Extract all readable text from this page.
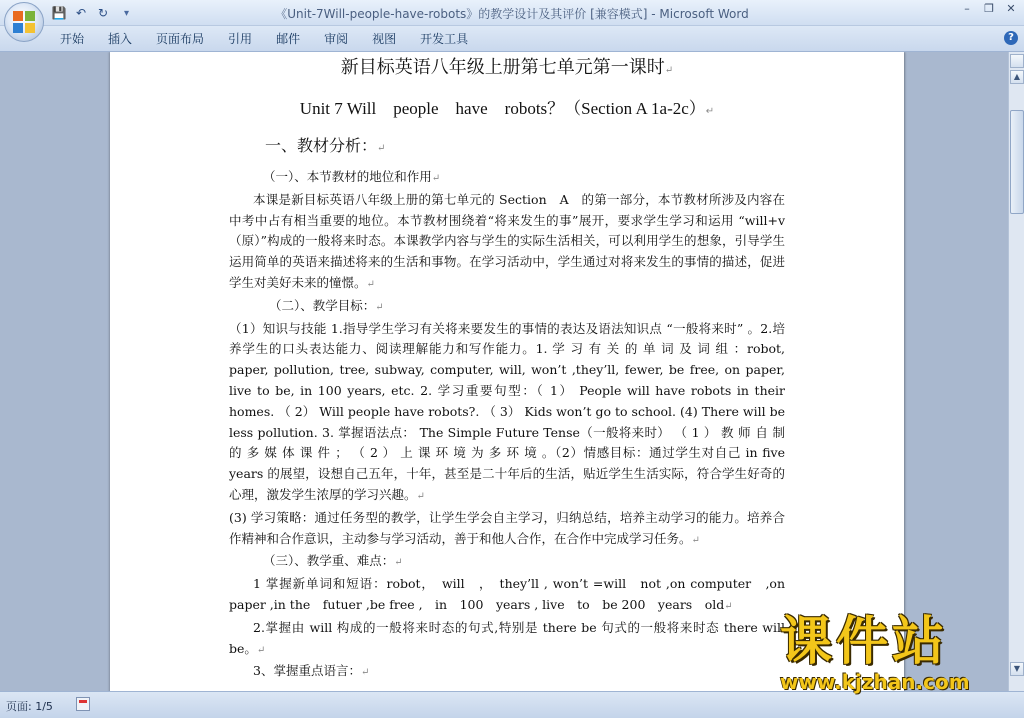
💾 ↶ ↻	▾	《Unit-7Will-people-have-robots》的教学设计及其评价 [兼容模式] - Microsoft Word	–	❐ ✕
开始	插入	页面布局	引用	邮件	审阅	视图	开发工具	?
新目标英语八年级上册第七单元第一课时↵
Unit 7 Will　people　have　robots？（Section A 1a-2c）↵
一、教材分析：↵
（一）、本节教材的地位和作用↵
本课是新目标英语八年级上册的第七单元的 Section　A　的第一部分，本节教材所涉及内容在中考中占有相当重要的地位。本节教材围绕着“将来发生的事”展开，要求学生学习和运用 “will+v（原）”构成的一般将来时态。本课教学内容与学生的实际生活相关，可以利用学生的想象，引导学生运用简单的英语来描述将来的生活和事物。在学习活动中，学生通过对将来发生的事情的描述，促进学生对美好未来的憧憬。↵
（二）、教学目标：↵
（1）知识与技能 1.指导学生学习有关将来要发生的事情的表达及语法知识点 “一般将来时” 。2.培养学生的口头表达能力、阅读理解能力和写作能力。1. 学 习 有 关 的 单 词 及 词 组 ：robot, paper, pollution, tree, subway, computer, will, won’t ,they’ll, fewer, be free, on paper, live to be, in 100 years, etc. 2. 学习重要句型：（ 1） People will have robots in their homes. （ 2） Will people have robots?. （ 3） Kids won’t go to school. (4) There will be less pollution. 3. 掌握语法点： The Simple Future Tense（一般将来时） （ 1 ） 教 师 自 制 的 多 媒 体 课 件 ； （ 2 ） 上 课 环 境 为 多 环 境 。（2）情感目标：通过学生对自己 in five years 的展望，设想自己五年，十年，甚至是二十年后的生活，贴近学生生活实际，符合学生好奇的心理，激发学生浓厚的学习兴趣。↵
(3) 学习策略：通过任务型的教学，让学生学会自主学习，归纳总结，培养主动学习的能力。培养合作精神和合作意识，主动参与学习活动，善于和他人合作，在合作中完成学习任务。↵
（三）、教学重、难点：↵
1 掌握新单词和短语：robot，　will　，　they’ll , won’t =will　not ,on computer　,on paper ,in the　futuer ,be free ,　in　100　years , live　to　be 200　years　old↵
2.掌握由 will 构成的一般将来时态的句式,特别是 there be 句式的一般将来时态 there will be。↵
3、掌握重点语言：↵
▲
▼
页面: 1/5
课件站
www.kjzhan.com
